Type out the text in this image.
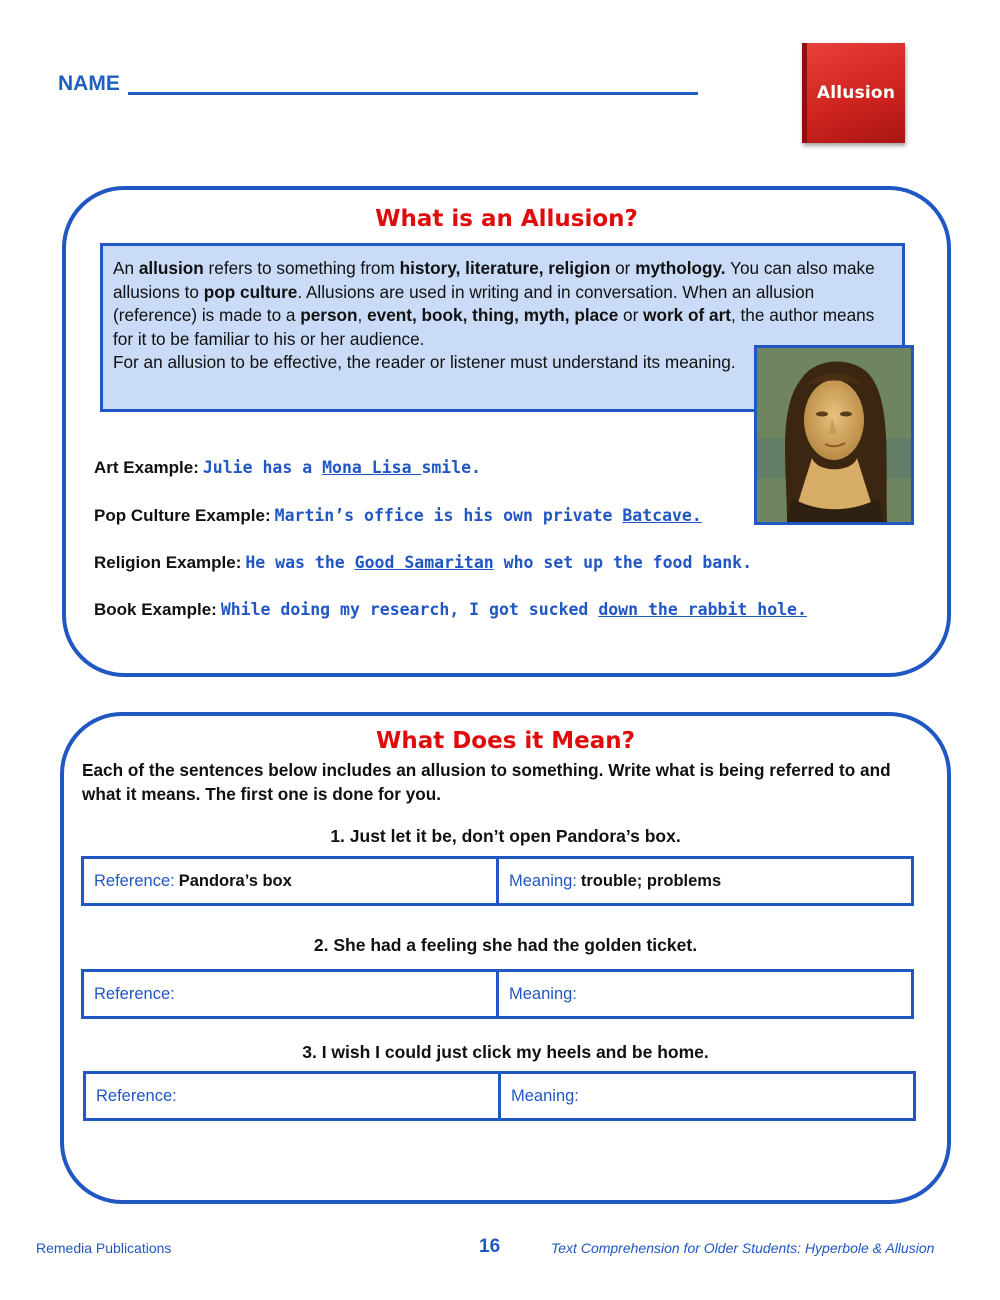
NAME	Allusion
What is an Allusion?
An allusion refers to something from history, literature, religion or mythology. You can also make allusions to pop culture. Allusions are used in writing and in conversation. When an allusion (reference) is made to a person, event, book, thing, myth, place or work of art, the author means for it to be familiar to his or her audience.
For an allusion to be effective, the reader or listener must understand its meaning.
Art Example: Julie has a Mona Lisa smile.
Pop Culture Example: Martin’s office is his own private Batcave.
Religion Example: He was the Good Samaritan who set up the food bank.
Book Example: While doing my research, I got sucked down the rabbit hole.
What Does it Mean?
Each of the sentences below includes an allusion to something. Write what is being referred to and what it means. The first one is done for you.
1. Just let it be, don’t open Pandora’s box.
Reference: Pandora’s box	Meaning: trouble; problems
2. She had a feeling she had the golden ticket.
Reference:	Meaning:
3. I wish I could just click my heels and be home.
Reference:	Meaning:
Remedia Publications	16	Text Comprehension for Older Students: Hyperbole & Allusion
